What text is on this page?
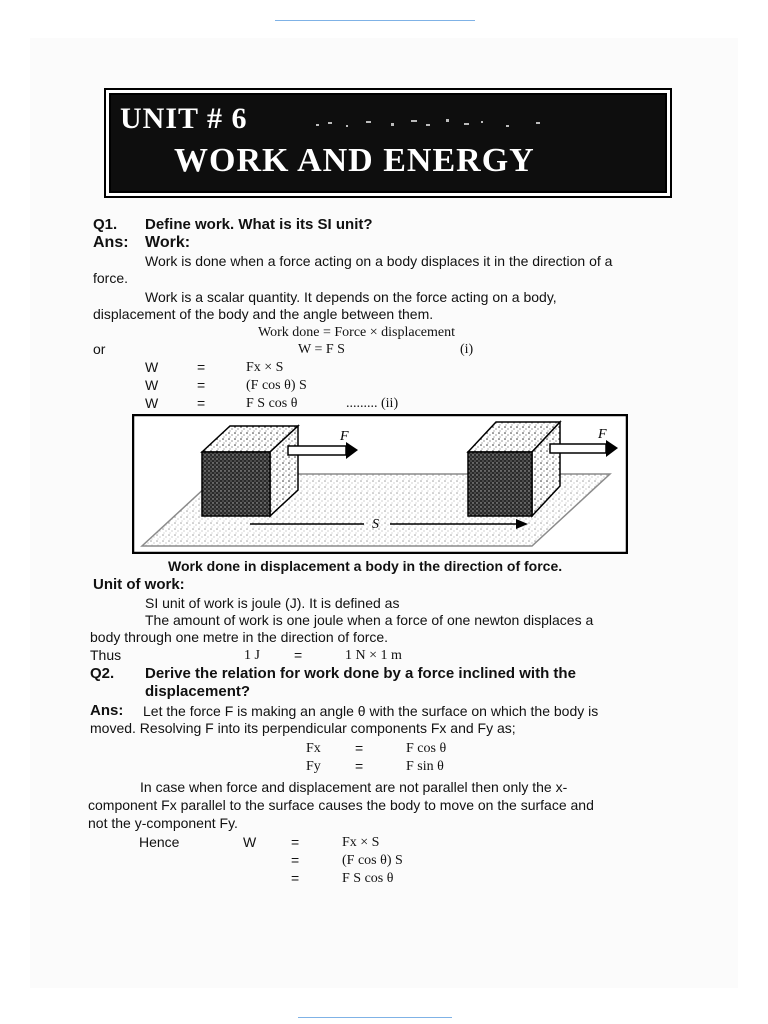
UNIT # 6
WORK AND ENERGY
Q1. Define work. What is its SI unit?
Ans: Work:
Work is done when a force acting on a body displaces it in the direction of a
force.
Work is a scalar quantity. It depends on the force acting on a body,
displacement of the body and the angle between them.
Work done = Force × displacement
or	W = F S	(i)
W	=	Fx × S
W	=	(F cos θ) S
W	=	F S cos θ	......... (ii)
F	F
S
Work done in displacement a body in the direction of force.
Unit of work:
SI unit of work is joule (J). It is defined as
The amount of work is one joule when a force of one newton displaces a
body through one metre in the direction of force.
Thus	1 J =	1 N × 1 m
Q2. Derive the relation for work done by a force inclined with the
displacement?
Ans: Let the force F is making an angle θ with the surface on which the body is
moved. Resolving F into its perpendicular components Fx and Fy as;
Fx =	F cos θ
Fy =	F sin θ
In case when force and displacement are not parallel then only the x-
component Fx parallel to the surface causes the body to move on the surface and
not the y-component Fy.
Hence	W =	Fx × S
=	(F cos θ) S
=	F S cos θ
